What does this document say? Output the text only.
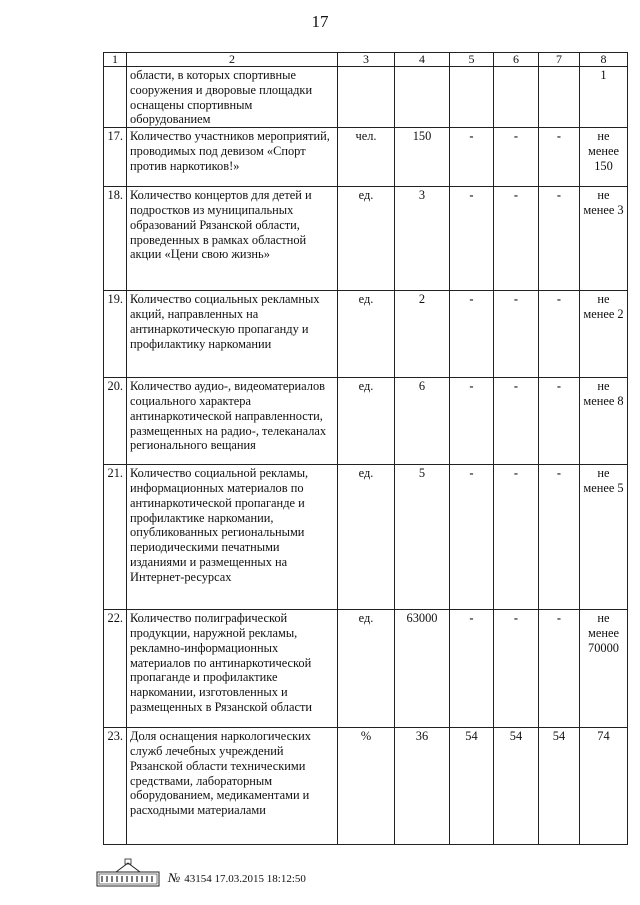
17
1	2	3	4	5	6	7	8
	области, в которых спортивные сооружения и дворовые площадки оснащены спортивным оборудованием						1
17.	Количество участников мероприятий, проводимых под девизом «Спорт против наркотиков!»	чел.	150	-	-	-	не менее 150
18.	Количество концертов для детей и подростков из муниципальных образований Рязанской области, проведенных в рамках областной акции «Цени свою жизнь»	ед.	3	-	-	-	не менее 3
19.	Количество социальных рекламных акций, направленных на антинаркотическую пропаганду и профилактику наркомании	ед.	2	-	-	-	не менее 2
20.	Количество аудио-, видеоматериалов социального характера антинаркотической направленности, размещенных на радио-, телеканалах регионального вещания	ед.	6	-	-	-	не менее 8
21.	Количество социальной рекламы, информационных материалов по антинаркотической пропаганде и профилактике наркомании, опубликованных региональными периодическими печатными изданиями и размещенных на Интернет-ресурсах	ед.	5	-	-	-	не менее 5
22.	Количество полиграфической продукции, наружной рекламы, рекламно-информационных материалов по антинаркотической пропаганде и профилактике наркомании, изготовленных и размещенных в Рязанской области	ед.	63000	-	-	-	не менее 70000
23.	Доля оснащения наркологических служб лечебных учреждений Рязанской области техническими средствами, лабораторным оборудованием, медикаментами и расходными материалами	%	36	54	54	54	74
№ 43154 17.03.2015 18:12:50
